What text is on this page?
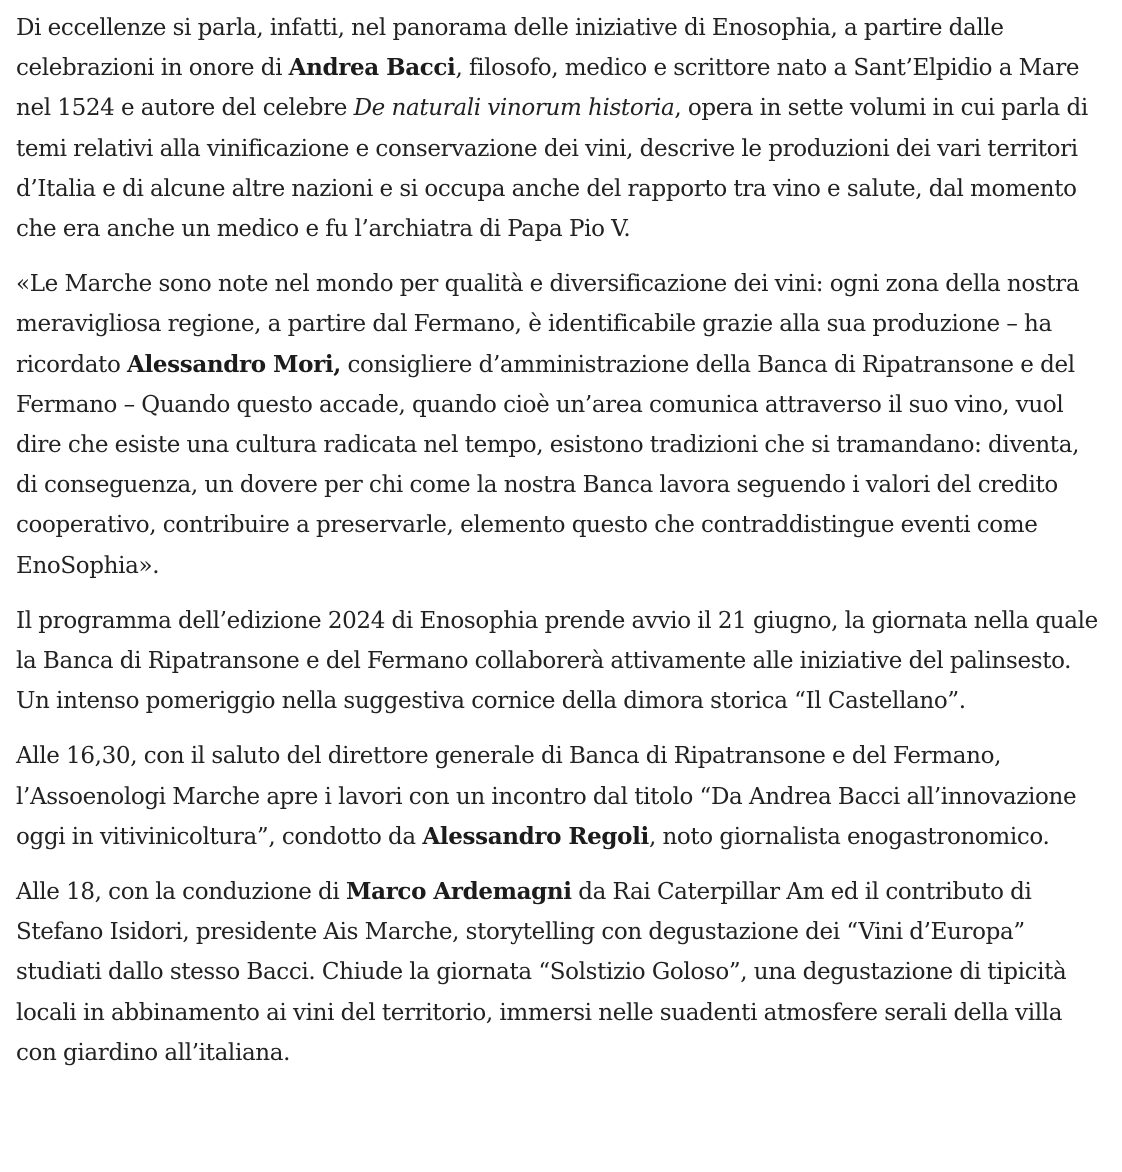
Di eccellenze si parla, infatti, nel panorama delle iniziative di Enosophia, a partire dalle celebrazioni in onore di Andrea Bacci, filosofo, medico e scrittore nato a Sant’Elpidio a Mare nel 1524 e autore del celebre De naturali vinorum historia, opera in sette volumi in cui parla di temi relativi alla vinificazione e conservazione dei vini, descrive le produzioni dei vari territori d’Italia e di alcune altre nazioni e si occupa anche del rapporto tra vino e salute, dal momento che era anche un medico e fu l’archiatra di Papa Pio V.

«Le Marche sono note nel mondo per qualità e diversificazione dei vini: ogni zona della nostra meravigliosa regione, a partire dal Fermano, è identificabile grazie alla sua produzione – ha ricordato Alessandro Mori, consigliere d’amministrazione della Banca di Ripatransone e del Fermano – Quando questo accade, quando cioè un’area comunica attraverso il suo vino, vuol dire che esiste una cultura radicata nel tempo, esistono tradizioni che si tramandano: diventa, di conseguenza, un dovere per chi come la nostra Banca lavora seguendo i valori del credito cooperativo, contribuire a preservarle, elemento questo che contraddistingue eventi come EnoSophia».

Il programma dell’edizione 2024 di Enosophia prende avvio il 21 giugno, la giornata nella quale la Banca di Ripatransone e del Fermano collaborerà attivamente alle iniziative del palinsesto. Un intenso pomeriggio nella suggestiva cornice della dimora storica “Il Castellano”.

Alle 16,30, con il saluto del direttore generale di Banca di Ripatransone e del Fermano, l’Assoenologi Marche apre i lavori con un incontro dal titolo “Da Andrea Bacci all’innovazione oggi in vitivinicoltura”, condotto da Alessandro Regoli, noto giornalista enogastronomico.

Alle 18, con la conduzione di Marco Ardemagni da Rai Caterpillar Am ed il contributo di Stefano Isidori, presidente Ais Marche, storytelling con degustazione dei “Vini d’Europa” studiati dallo stesso Bacci. Chiude la giornata “Solstizio Goloso”, una degustazione di tipicità locali in abbinamento ai vini del territorio, immersi nelle suadenti atmosfere serali della villa con giardino all’italiana.
